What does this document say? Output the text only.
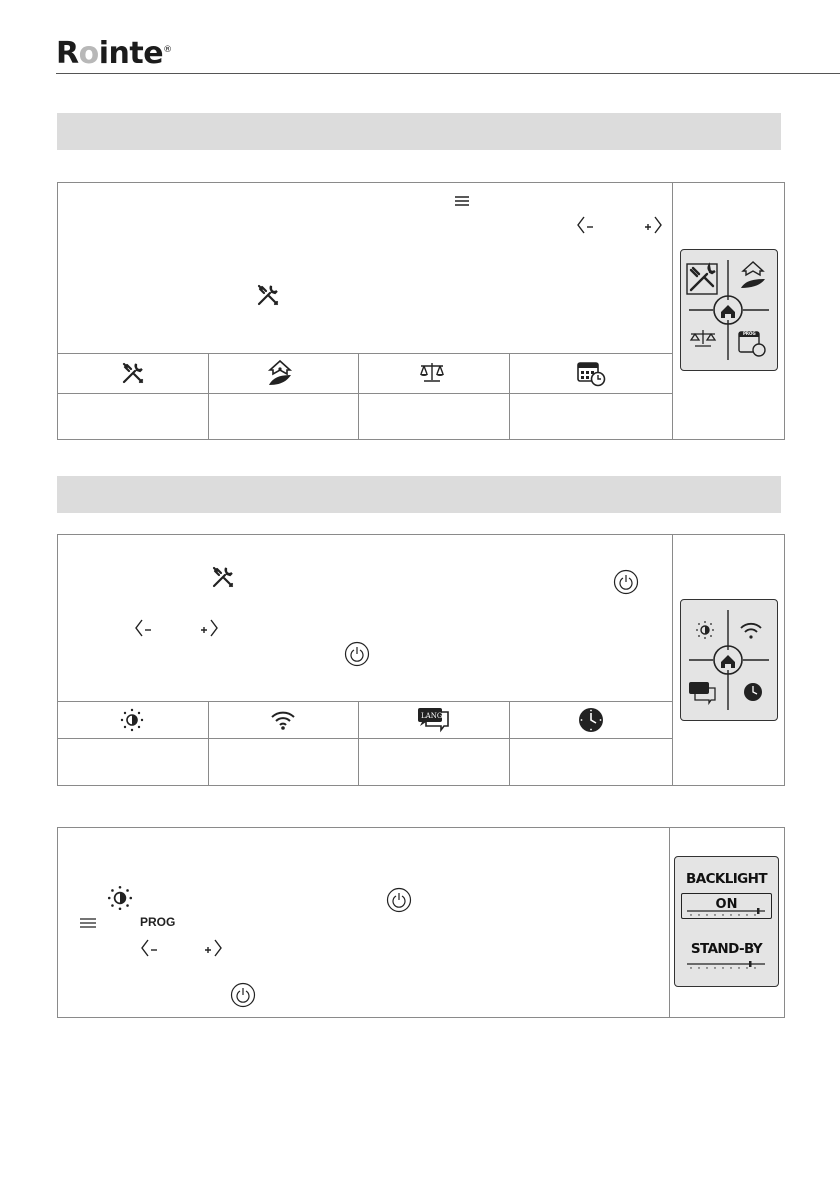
Rointe®
PROG
LANG
PROG
BACKLIGHT
ON
STAND-BY
